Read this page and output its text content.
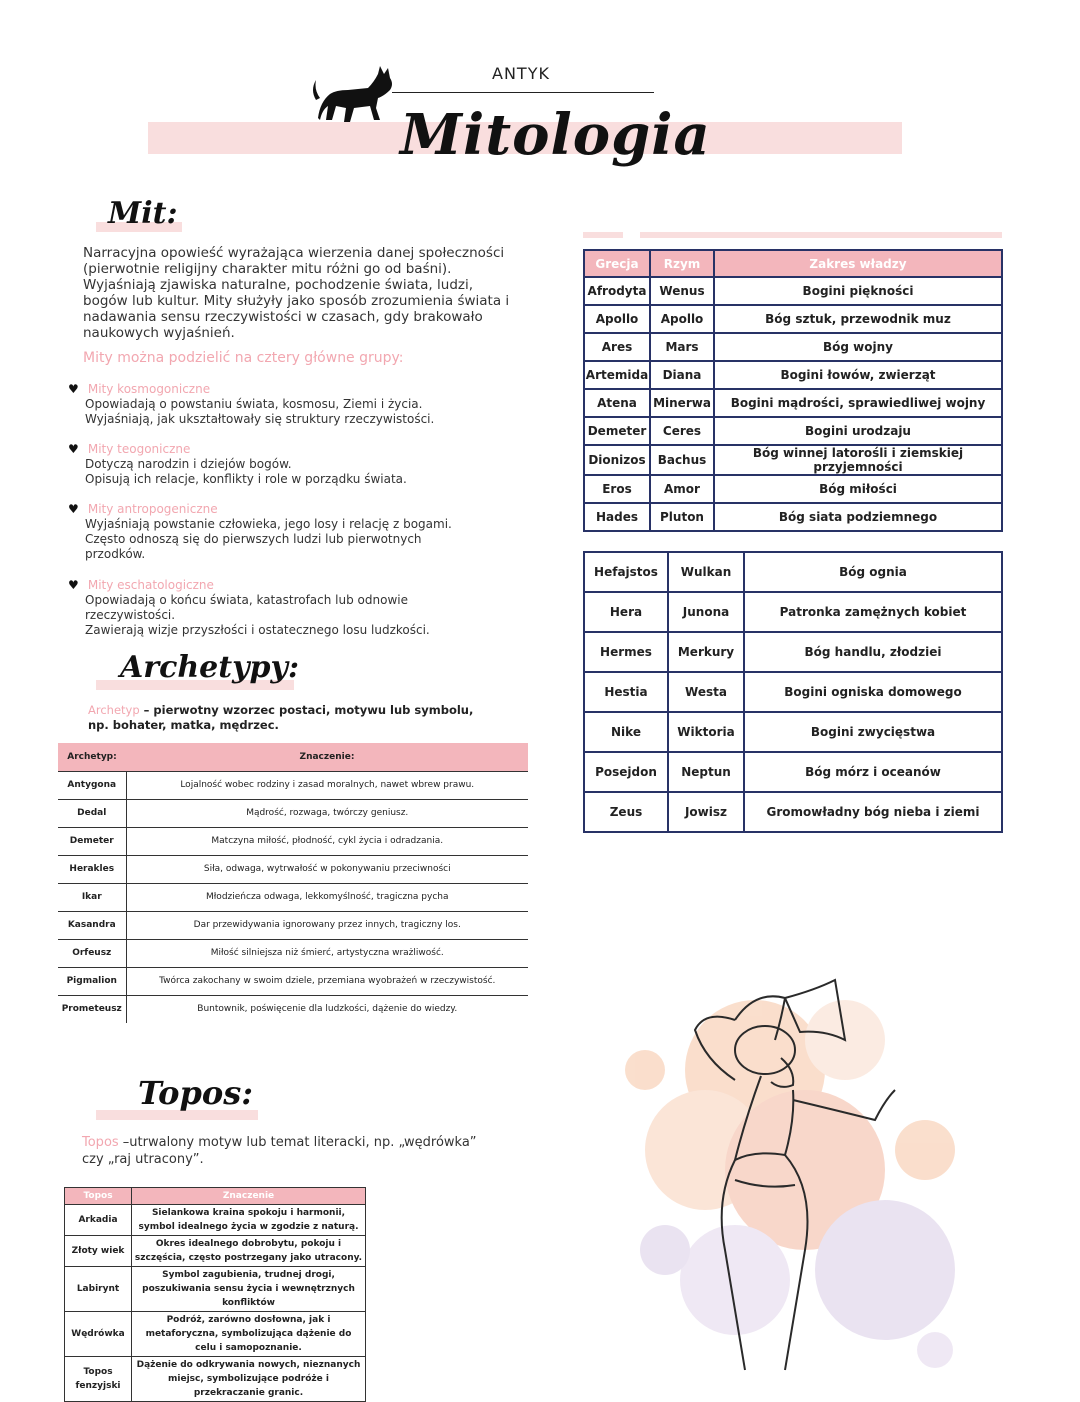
ANTYK
Mitologia
Mit:
Narracyjna opowieść wyrażająca wierzenia danej społeczności
(pierwotnie religijny charakter mitu różni go od baśni).
Wyjaśniają zjawiska naturalne, pochodzenie świata, ludzi,
bogów lub kultur. Mity służyły jako sposób zrozumienia świata i
nadawania sensu rzeczywistości w czasach, gdy brakowało
naukowych wyjaśnień.
Mity można podzielić na cztery główne grupy:
♥ Mity kosmogoniczne
Opowiadają o powstaniu świata, kosmosu, Ziemi i życia.
Wyjaśniają, jak ukształtowały się struktury rzeczywistości.
♥ Mity teogoniczne
Dotyczą narodzin i dziejów bogów.
Opisują ich relacje, konflikty i role w porządku świata.
♥ Mity antropogeniczne
Wyjaśniają powstanie człowieka, jego losy i relację z bogami.
Często odnoszą się do pierwszych ludzi lub pierwotnych
przodków.
♥ Mity eschatologiczne
Opowiadają o końcu świata, katastrofach lub odnowie
rzeczywistości.
Zawierają wizje przyszłości i ostatecznego losu ludzkości.
Archetypy:
Archetyp – pierwotny wzorzec postaci, motywu lub symbolu,
np. bohater, matka, mędrzec.
Archetyp:	Znaczenie:
Antygona	Lojalność wobec rodziny i zasad moralnych, nawet wbrew prawu.
Dedal	Mądrość, rozwaga, twórczy geniusz.
Demeter	Matczyna miłość, płodność, cykl życia i odradzania.
Herakles	Siła, odwaga, wytrwałość w pokonywaniu przeciwności
Ikar	Młodzieńcza odwaga, lekkomyślność, tragiczna pycha
Kasandra	Dar przewidywania ignorowany przez innych, tragiczny los.
Orfeusz	Miłość silniejsza niż śmierć, artystyczna wrażliwość.
Pigmalion	Twórca zakochany w swoim dziele, przemiana wyobrażeń w rzeczywistość.
Prometeusz	Buntownik, poświęcenie dla ludzkości, dążenie do wiedzy.
Topos:
Topos –utrwalony motyw lub temat literacki, np. „wędrówka”
czy „raj utracony”.
Topos	Znaczenie
Arkadia	Sielankowa kraina spokoju i harmonii, symbol idealnego życia w zgodzie z naturą.
Złoty wiek	Okres idealnego dobrobytu, pokoju i szczęścia, często postrzegany jako utracony.
Labirynt	Symbol zagubienia, trudnej drogi, poszukiwania sensu życia i wewnętrznych konfliktów
Wędrówka	Podróż, zarówno dosłowna, jak i metaforyczna, symbolizująca dążenie do celu i samopoznanie.
Topos fenzyjski	Dążenie do odkrywania nowych, nieznanych miejsc, symbolizujące podróże i przekraczanie granic.
Grecja	Rzym	Zakres władzy
Afrodyta	Wenus	Bogini piękności
Apollo	Apollo	Bóg sztuk, przewodnik muz
Ares	Mars	Bóg wojny
Artemida	Diana	Bogini łowów, zwierząt
Atena	Minerwa	Bogini mądrości, sprawiedliwej wojny
Demeter	Ceres	Bogini urodzaju
Dionizos	Bachus	Bóg winnej latorośli i ziemskiej przyjemności
Eros	Amor	Bóg miłości
Hades	Pluton	Bóg siata podziemnego
Hefajstos	Wulkan	Bóg ognia
Hera	Junona	Patronka zamężnych kobiet
Hermes	Merkury	Bóg handlu, złodziei
Hestia	Westa	Bogini ogniska domowego
Nike	Wiktoria	Bogini zwycięstwa
Posejdon	Neptun	Bóg mórz i oceanów
Zeus	Jowisz	Gromowładny bóg nieba i ziemi
